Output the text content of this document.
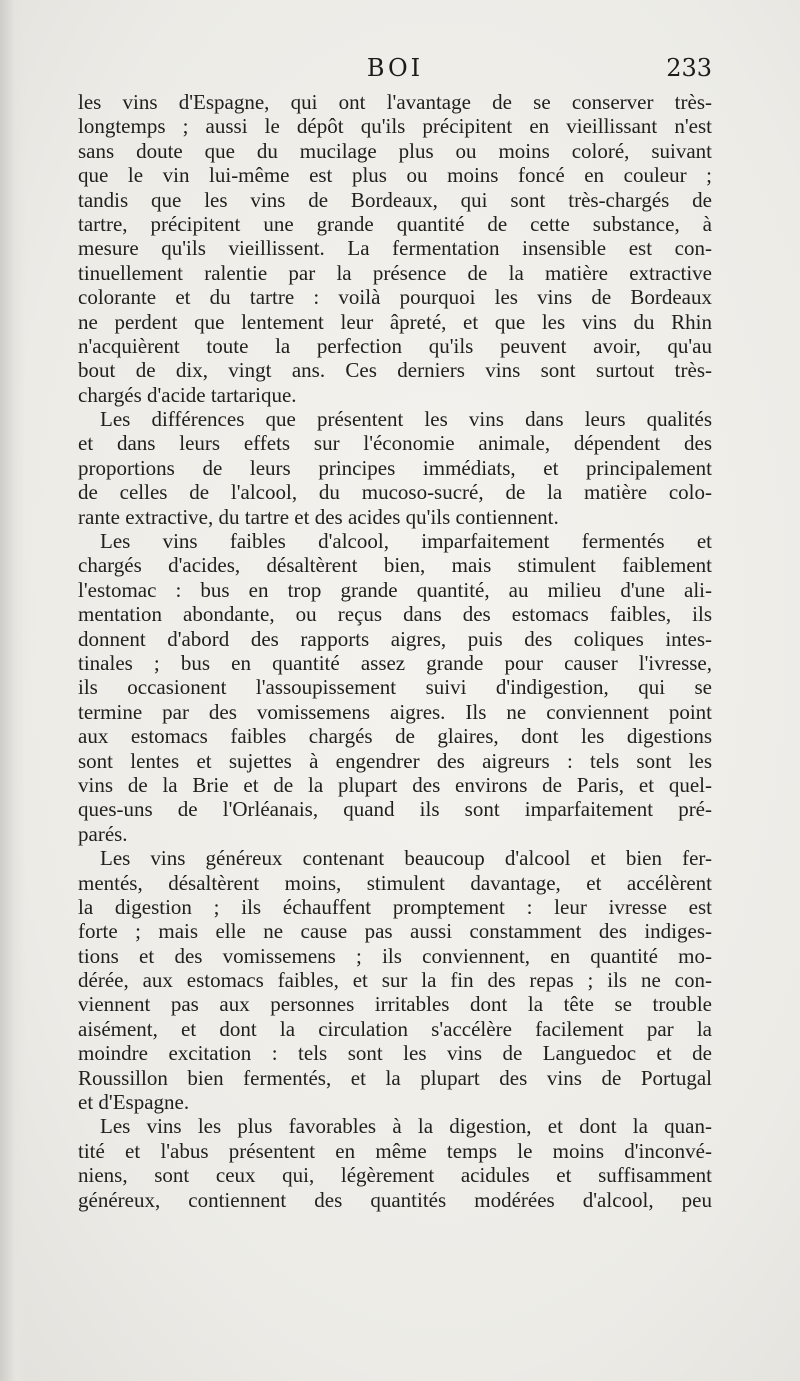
BOI	233
les vins d'Espagne, qui ont l'avantage de se conserver très-
longtemps ; aussi le dépôt qu'ils précipitent en vieillissant n'est
sans doute que du mucilage plus ou moins coloré, suivant
que le vin lui-même est plus ou moins foncé en couleur ;
tandis que les vins de Bordeaux, qui sont très-chargés de
tartre, précipitent une grande quantité de cette substance, à
mesure qu'ils vieillissent. La fermentation insensible est con-
tinuellement ralentie par la présence de la matière extractive
colorante et du tartre : voilà pourquoi les vins de Bordeaux
ne perdent que lentement leur âpreté, et que les vins du Rhin
n'acquièrent toute la perfection qu'ils peuvent avoir, qu'au
bout de dix, vingt ans. Ces derniers vins sont surtout très-
chargés d'acide tartarique.
Les différences que présentent les vins dans leurs qualités
et dans leurs effets sur l'économie animale, dépendent des
proportions de leurs principes immédiats, et principalement
de celles de l'alcool, du mucoso-sucré, de la matière colo-
rante extractive, du tartre et des acides qu'ils contiennent.
Les vins faibles d'alcool, imparfaitement fermentés et
chargés d'acides, désaltèrent bien, mais stimulent faiblement
l'estomac : bus en trop grande quantité, au milieu d'une ali-
mentation abondante, ou reçus dans des estomacs faibles, ils
donnent d'abord des rapports aigres, puis des coliques intes-
tinales ; bus en quantité assez grande pour causer l'ivresse,
ils occasionent l'assoupissement suivi d'indigestion, qui se
termine par des vomissemens aigres. Ils ne conviennent point
aux estomacs faibles chargés de glaires, dont les digestions
sont lentes et sujettes à engendrer des aigreurs : tels sont les
vins de la Brie et de la plupart des environs de Paris, et quel-
ques-uns de l'Orléanais, quand ils sont imparfaitement pré-
parés.
Les vins généreux contenant beaucoup d'alcool et bien fer-
mentés, désaltèrent moins, stimulent davantage, et accélèrent
la digestion ; ils échauffent promptement : leur ivresse est
forte ; mais elle ne cause pas aussi constamment des indiges-
tions et des vomissemens ; ils conviennent, en quantité mo-
dérée, aux estomacs faibles, et sur la fin des repas ; ils ne con-
viennent pas aux personnes irritables dont la tête se trouble
aisément, et dont la circulation s'accélère facilement par la
moindre excitation : tels sont les vins de Languedoc et de
Roussillon bien fermentés, et la plupart des vins de Portugal
et d'Espagne.
Les vins les plus favorables à la digestion, et dont la quan-
tité et l'abus présentent en même temps le moins d'inconvé-
niens, sont ceux qui, légèrement acidules et suffisamment
généreux, contiennent des quantités modérées d'alcool, peu
